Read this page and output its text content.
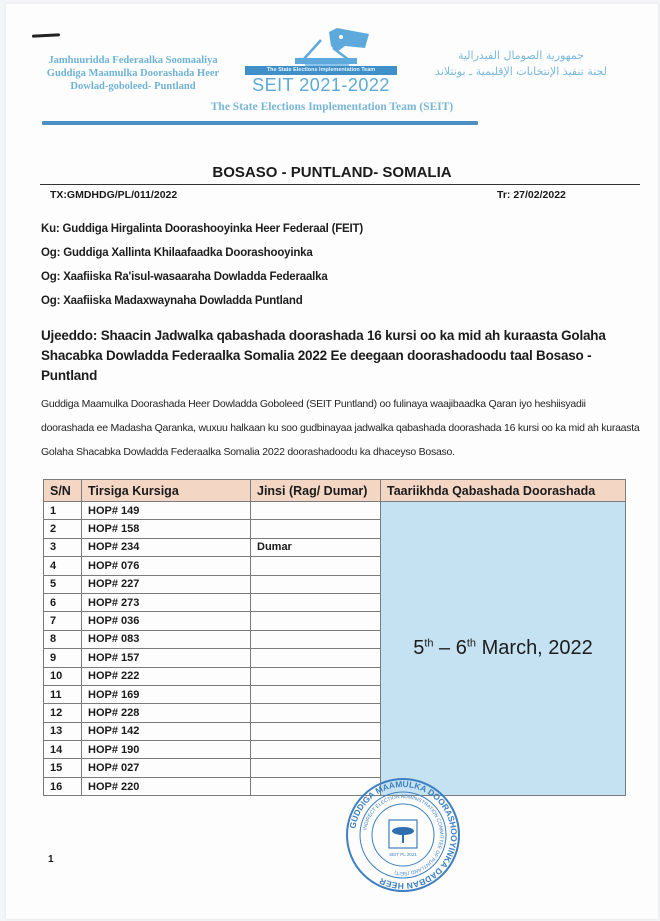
Jamhuuridda Federaalka Soomaaliya
Guddiga Maamulka Doorashada Heer
Dowlad-goboleed- Puntland
The State Elections Implementation Team
SEIT 2021-2022
جمهورية الصومال الفيدرالية
لجنة تنفيذ الإنتخابات الإقليمية ـ بونتلاند
The State Elections Implementation Team (SEIT)
BOSASO - PUNTLAND- SOMALIA
TX:GMDHDG/PL/011/2022	Tr: 27/02/2022
Ku: Guddiga Hirgalinta Doorashooyinka Heer Federaal (FEIT)
Og: Guddiga Xallinta Khilaafaadka Doorashooyinka
Og: Xaafiiska Ra'isul-wasaaraha Dowladda Federaalka
Og: Xaafiiska Madaxwaynaha Dowladda Puntland
Ujeeddo: Shaacin Jadwalka qabashada doorashada 16 kursi oo ka mid ah kuraasta Golaha Shacabka Dowladda Federaalka Somalia 2022 Ee deegaan doorashadoodu taal Bosaso - Puntland
Guddiga Maamulka Doorashada Heer Dowladda Goboleed (SEIT Puntland) oo fulinaya waajibaadka Qaran iyo heshiisyadii doorashada ee Madasha Qaranka, wuxuu halkaan ku soo gudbinayaa jadwalka qabashada doorashada 16 kursi oo ka mid ah kuraasta Golaha Shacabka Dowladda Federaalka Somalia 2022 doorashadoodu ka dhaceyso Bosaso.
S/N	Tirsiga Kursiga	Jinsi (Rag/ Dumar)	Taariikhda Qabashada Doorashada
1	HOP# 149		5th – 6th March, 2022
2	HOP# 158		
3	HOP# 234	Dumar	
4	HOP# 076		
5	HOP# 227		
6	HOP# 273		
7	HOP# 036		
8	HOP# 083		
9	HOP# 157		
10	HOP# 222		
11	HOP# 169		
12	HOP# 228		
13	HOP# 142		
14	HOP# 190		
15	HOP# 027		
16	HOP# 220		
GUDDIGA MAAMULKA DOORASHOOYINKA DADBAN HEER
INDIRECT ELECTION ADMINISTRATION COMMITTEE OF PUNTLAND (SEIT)
SEIT PL 2021
1
